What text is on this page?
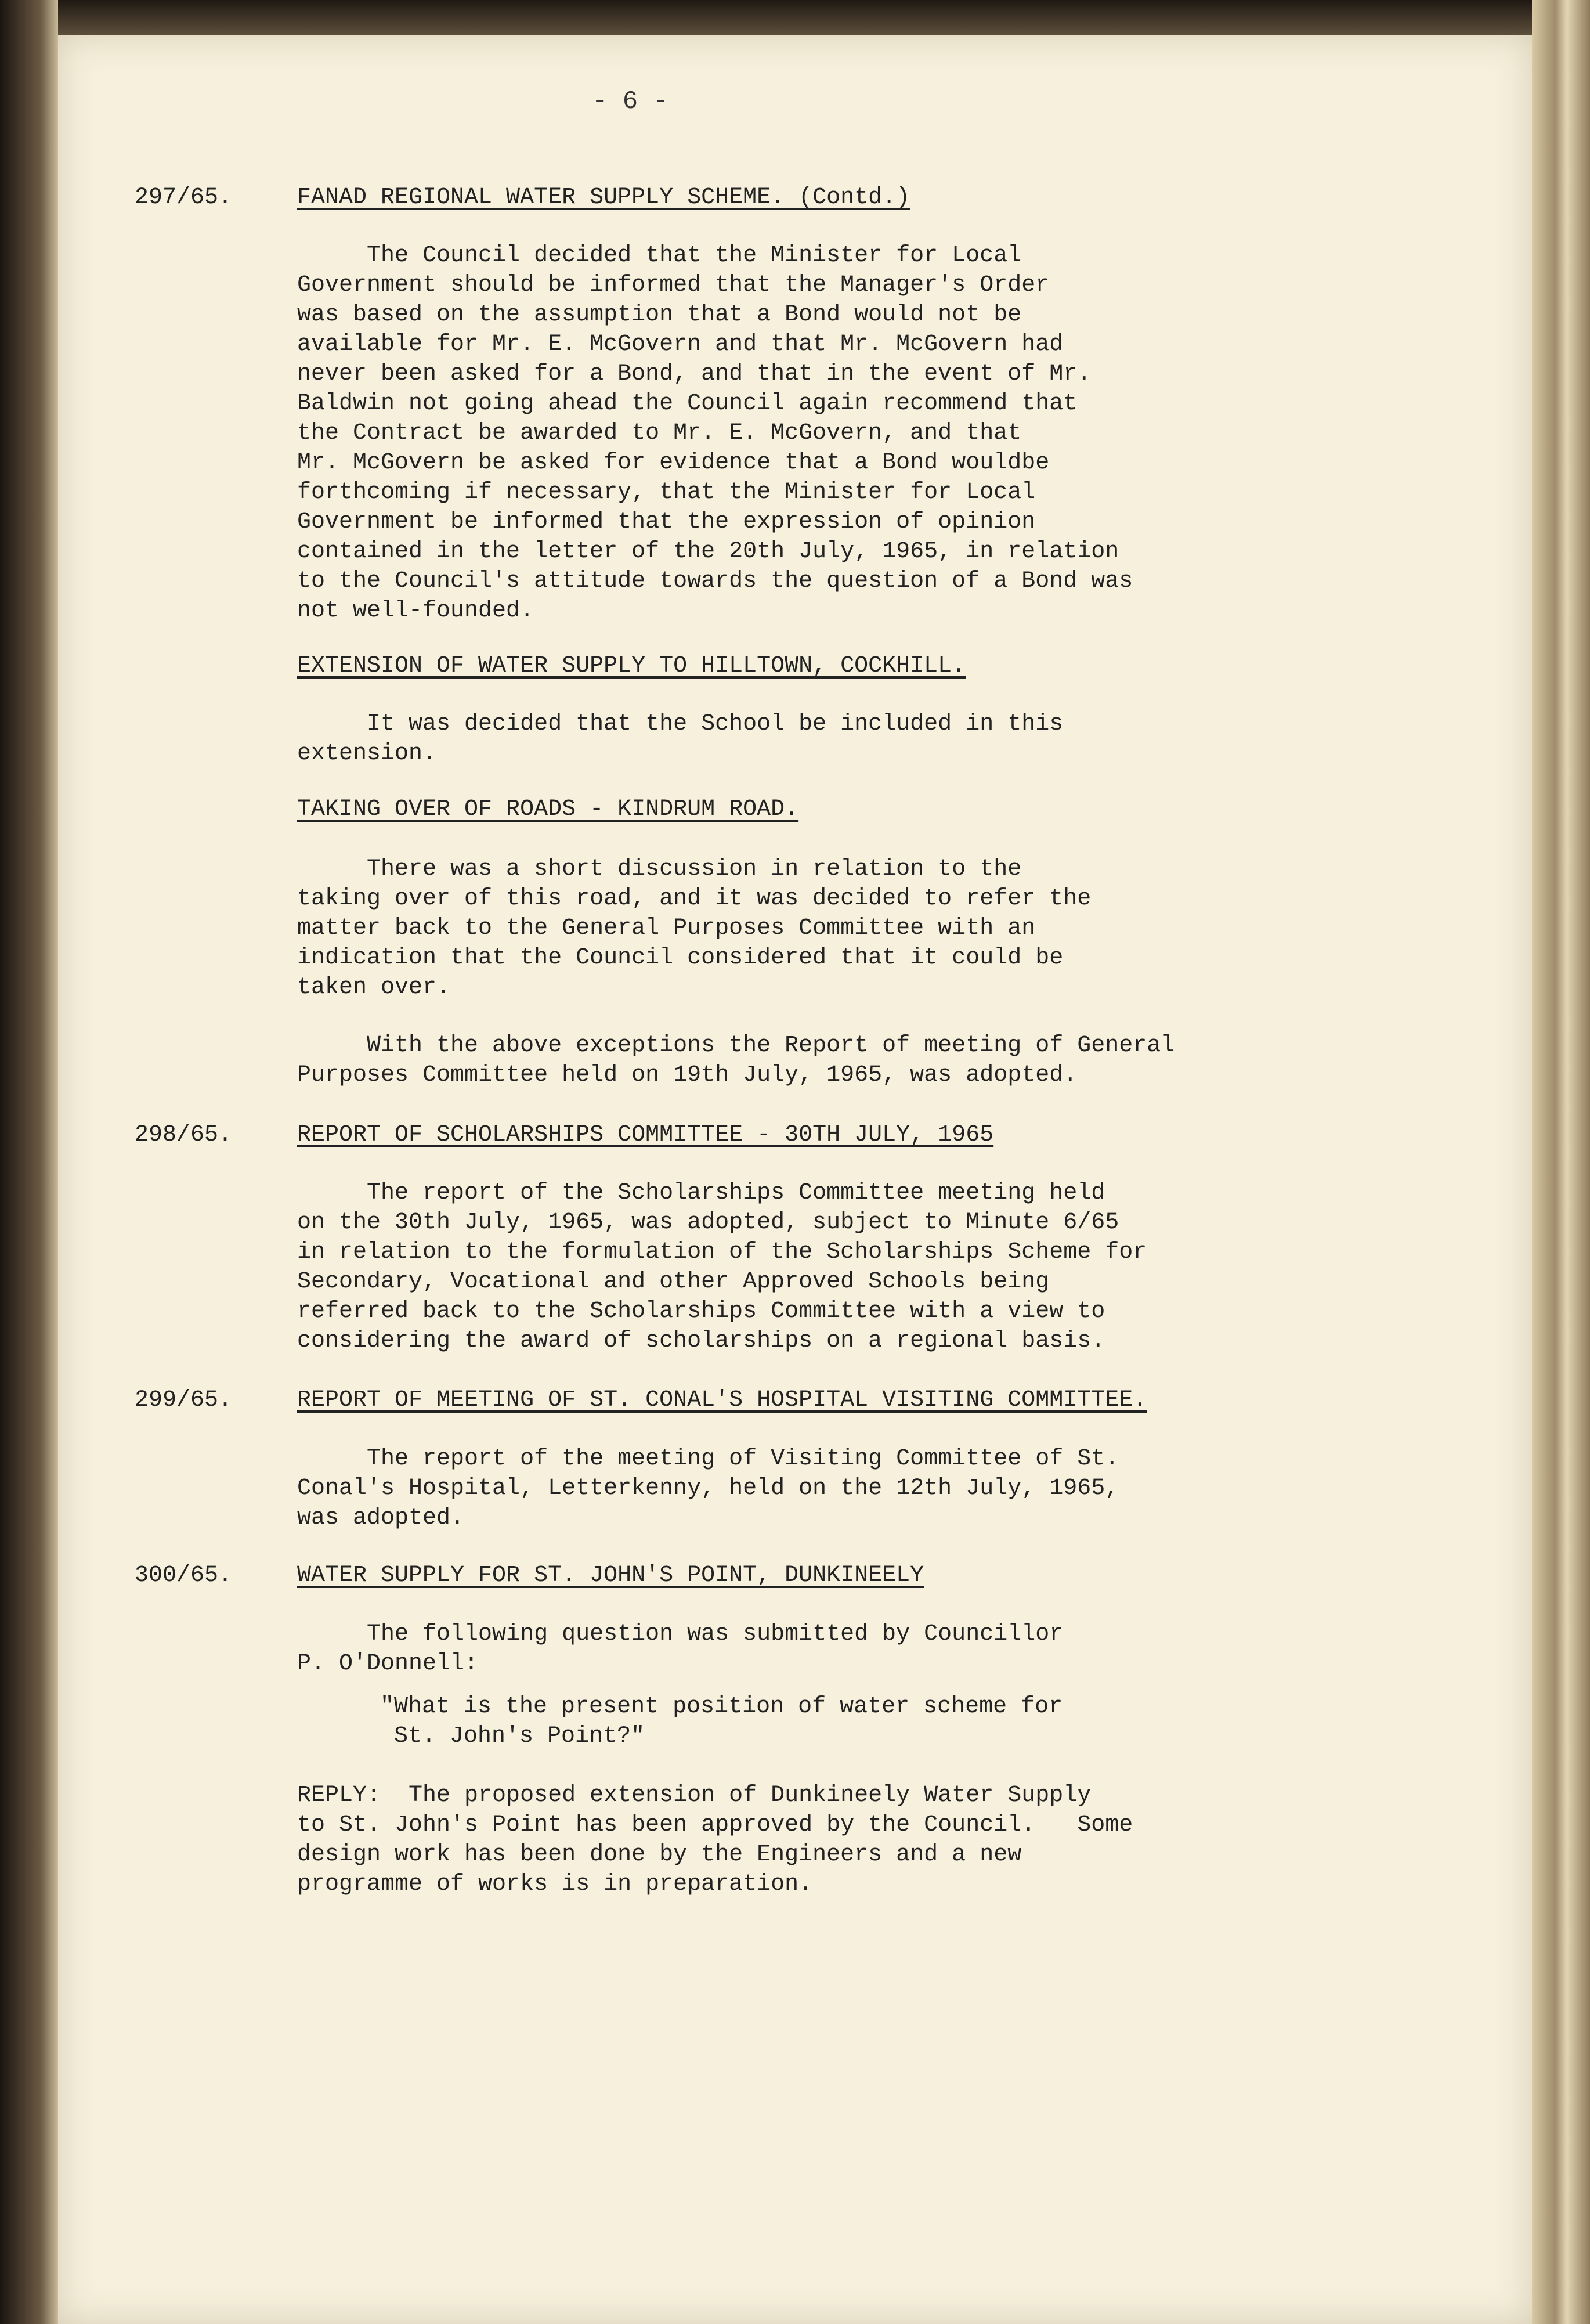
- 6 -
297/65.	FANAD REGIONAL WATER SUPPLY SCHEME. (Contd.)
The Council decided that the Minister for Local
Government should be informed that the Manager's Order
was based on the assumption that a Bond would not be
available for Mr. E. McGovern and that Mr. McGovern had
never been asked for a Bond, and that in the event of Mr.
Baldwin not going ahead the Council again recommend that
the Contract be awarded to Mr. E. McGovern, and that
Mr. McGovern be asked for evidence that a Bond wouldbe
forthcoming if necessary, that the Minister for Local
Government be informed that the expression of opinion
contained in the letter of the 20th July, 1965, in relation
to the Council's attitude towards the question of a Bond was
not well-founded.
EXTENSION OF WATER SUPPLY TO HILLTOWN, COCKHILL.
It was decided that the School be included in this
extension.
TAKING OVER OF ROADS - KINDRUM ROAD.
There was a short discussion in relation to the
taking over of this road, and it was decided to refer the
matter back to the General Purposes Committee with an
indication that the Council considered that it could be
taken over.
With the above exceptions the Report of meeting of General
Purposes Committee held on 19th July, 1965, was adopted.
298/65.	REPORT OF SCHOLARSHIPS COMMITTEE - 30TH JULY, 1965
The report of the Scholarships Committee meeting held
on the 30th July, 1965, was adopted, subject to Minute 6/65
in relation to the formulation of the Scholarships Scheme for
Secondary, Vocational and other Approved Schools being
referred back to the Scholarships Committee with a view to
considering the award of scholarships on a regional basis.
299/65.	REPORT OF MEETING OF ST. CONAL'S HOSPITAL VISITING COMMITTEE.
The report of the meeting of Visiting Committee of St.
Conal's Hospital, Letterkenny, held on the 12th July, 1965,
was adopted.
300/65.	WATER SUPPLY FOR ST. JOHN'S POINT, DUNKINEELY
The following question was submitted by Councillor
P. O'Donnell:
"What is the present position of water scheme for
St. John's Point?"
REPLY:  The proposed extension of Dunkineely Water Supply
to St. John's Point has been approved by the Council.   Some
design work has been done by the Engineers and a new
programme of works is in preparation.
